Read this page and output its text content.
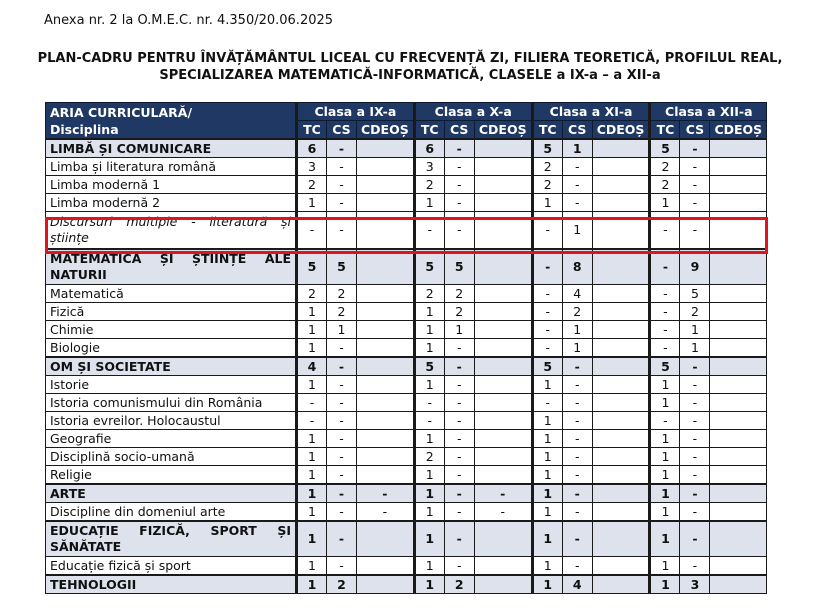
Anexa nr. 2 la O.M.E.C. nr. 4.350/20.06.2025
PLAN-CADRU PENTRU ÎNVĂȚĂMÂNTUL LICEAL CU FRECVENȚĂ ZI, FILIERA TEORETICĂ, PROFILUL REAL,
SPECIALIZAREA MATEMATICĂ-INFORMATICĂ, CLASELE a IX-a – a XII-a
ARIA CURRICULARĂ/
Disciplina	Clasa a IX-a			Clasa a X-a			Clasa a XI-a			Clasa a XII-a		
	TC	CS	CDEOȘ	TC	CS	CDEOȘ	TC	CS	CDEOȘ	TC	CS	CDEOȘ
LIMBĂ ȘI COMUNICARE	6	-		6	-		5	1		5	-	
Limba și literatura română	3	-		3	-		2	-		2	-	
Limba modernă 1	2	-		2	-		2	-		2	-	
Limba modernă 2	1	-		1	-		1	-		1	-	
Discursuri multiple - literatură și științe	-	-		-	-		-	1		-	-	
MATEMATICĂ ȘI ȘTIINȚE ALE NATURII	5	5		5	5		-	8		-	9	
Matematică	2	2		2	2		-	4		-	5	
Fizică	1	2		1	2		-	2		-	2	
Chimie	1	1		1	1		-	1		-	1	
Biologie	1	-		1	-		-	1		-	1	
OM ȘI SOCIETATE	4	-		5	-		5	-		5	-	
Istorie	1	-		1	-		1	-		1	-	
Istoria comunismului din România	-	-		-	-		-	-		1	-	
Istoria evreilor. Holocaustul	-	-		-	-		1	-		-	-	
Geografie	1	-		1	-		1	-		1	-	
Disciplină socio-umană	1	-		2	-		1	-		1	-	
Religie	1	-		1	-		1	-		1	-	
ARTE	1	-	-	1	-	-	1	-		1	-	
Discipline din domeniul arte	1	-	-	1	-	-	1	-		1	-	
EDUCAȚIE FIZICĂ, SPORT ȘI SĂNĂTATE	1	-		1	-		1	-		1	-	
Educație fizică și sport	1	-		1	-		1	-		1	-	
TEHNOLOGII	1	2		1	2		1	4		1	3	
